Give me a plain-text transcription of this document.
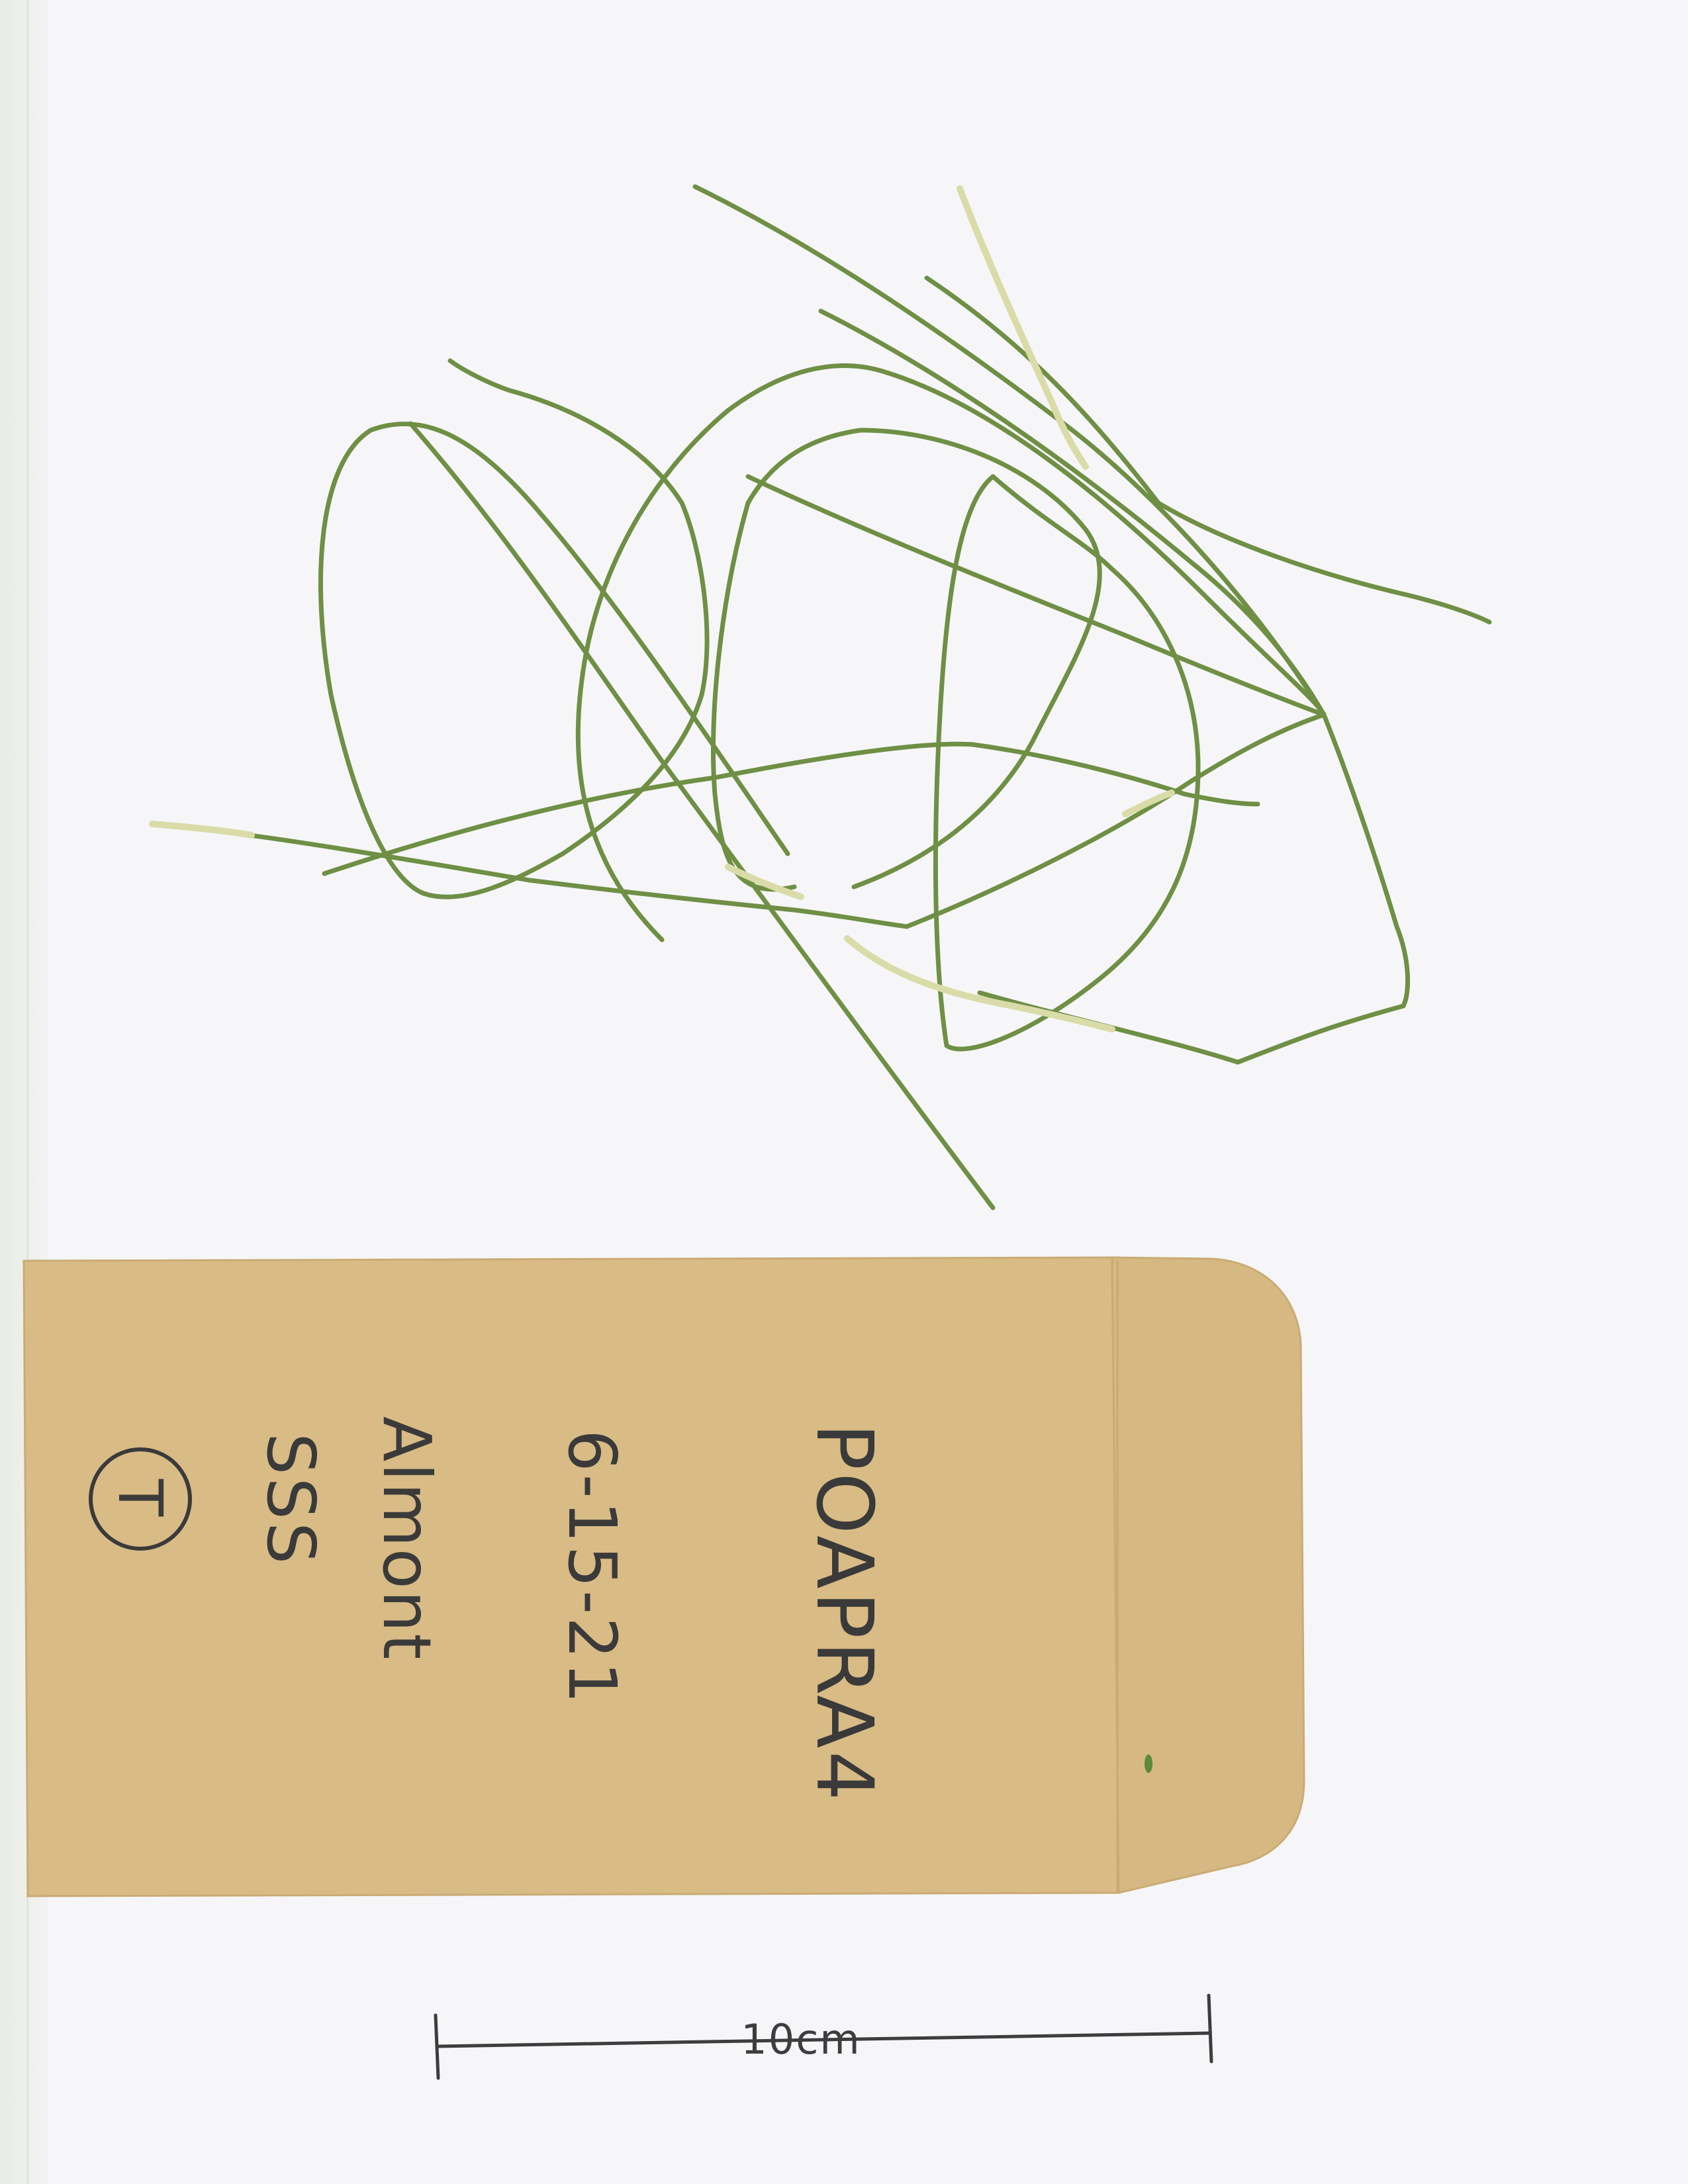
POAPRA4
6-15-21
Almont
SSS
T
10cm
